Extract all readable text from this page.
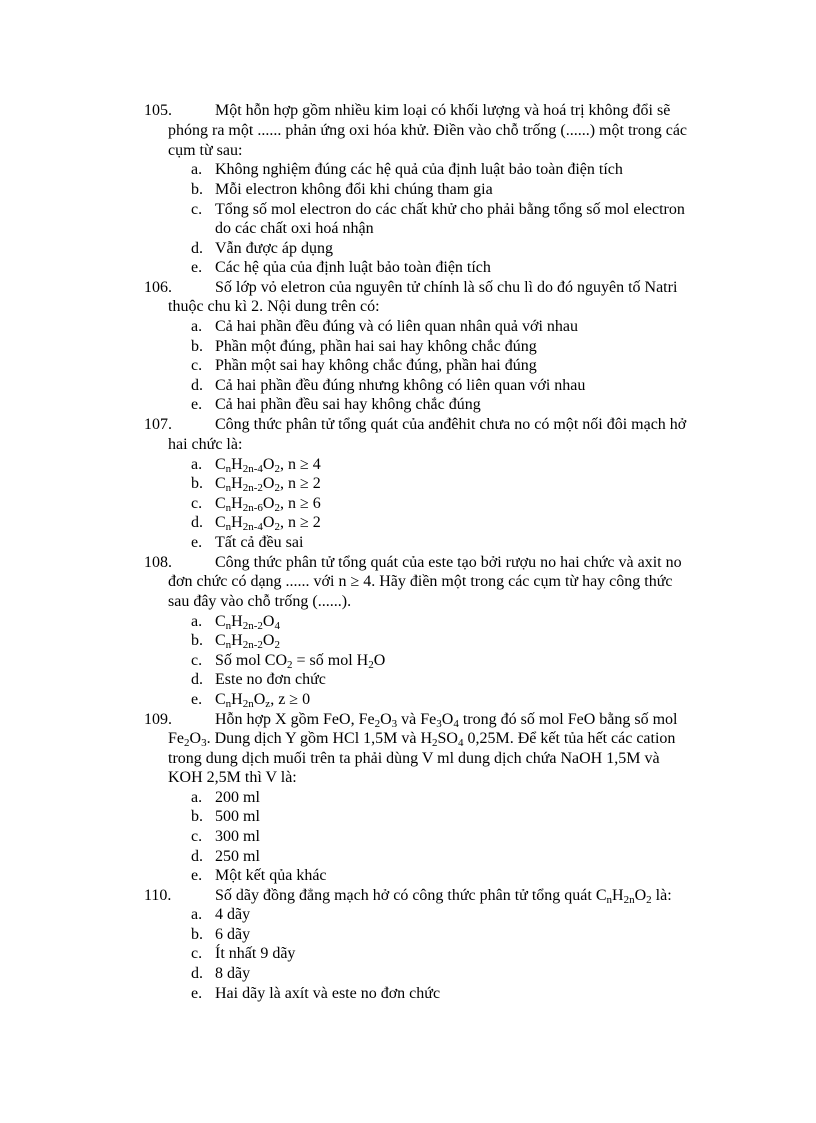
105.	Một hỗn hợp gồm nhiều kim loại có khối lượng và hoá trị không đổi sẽ
phóng ra một ...... phản ứng oxi hóa khử. Điền vào chỗ trống (......) một trong các
cụm từ sau:
a. Không nghiệm đúng các hệ quả của định luật bảo toàn điện tích
b. Mỗi electron không đổi khi chúng tham gia
c. Tổng số mol electron do các chất khử cho phải bằng tổng số mol electron
do các chất oxi hoá nhận
d. Vẫn được áp dụng
e. Các hệ qủa của định luật bảo toàn điện tích
106.	Số lớp vỏ eletron của nguyên tử chính là số chu lì do đó nguyên tố Natri
thuộc chu kì 2. Nội dung trên có:
a. Cả hai phần đều đúng và có liên quan nhân quả với nhau
b. Phần một đúng, phần hai sai hay không chắc đúng
c. Phần một sai hay không chắc đúng, phần hai đúng
d. Cả hai phần đều đúng nhưng không có liên quan với nhau
e. Cả hai phần đều sai hay không chắc đúng
107.	Công thức phân tử tổng quát của anđêhit chưa no có một nối đôi mạch hở
hai chức là:
a. $C_nH_{2n-4}O_2$, n ≥ 4
b. $C_nH_{2n-2}O_2$, n ≥ 2
c. $C_nH_{2n-6}O_2$, n ≥ 6
d. $C_nH_{2n-4}O_2$, n ≥ 2
e. Tất cả đều sai
108.	Công thức phân tử tổng quát của este tạo bởi rượu no hai chức và axit no
đơn chức có dạng ...... với n ≥ 4. Hãy điền một trong các cụm từ hay công thức
sau đây vào chỗ trống (......).
a. $C_nH_{2n-2}O_4$
b. $C_nH_{2n-2}O_2$
c. Số mol $CO_2$ = số mol $H_2O$
d. Este no đơn chức
e. $C_nH_{2n}O_z$, z ≥ 0
109.	Hỗn hợp X gồm FeO, $Fe_2O_3$ và $Fe_3O_4$ trong đó số mol FeO bằng số mol
$Fe_2O_3$. Dung dịch Y gồm HCl 1,5M và $H_2SO_4$ 0,25M. Để kết tủa hết các cation
trong dung dịch muối trên ta phải dùng V ml dung dịch chứa NaOH 1,5M và
KOH 2,5M thì V là:
a. 200 ml
b. 500 ml
c. 300 ml
d. 250 ml
e. Một kết qủa khác
110.	Số dãy đồng đẳng mạch hở có công thức phân tử tổng quát $C_nH_{2n}O_2$ là:
a. 4 dãy
b. 6 dãy
c. Ít nhất 9 dãy
d. 8 dãy
e. Hai dãy là axít và este no đơn chức
